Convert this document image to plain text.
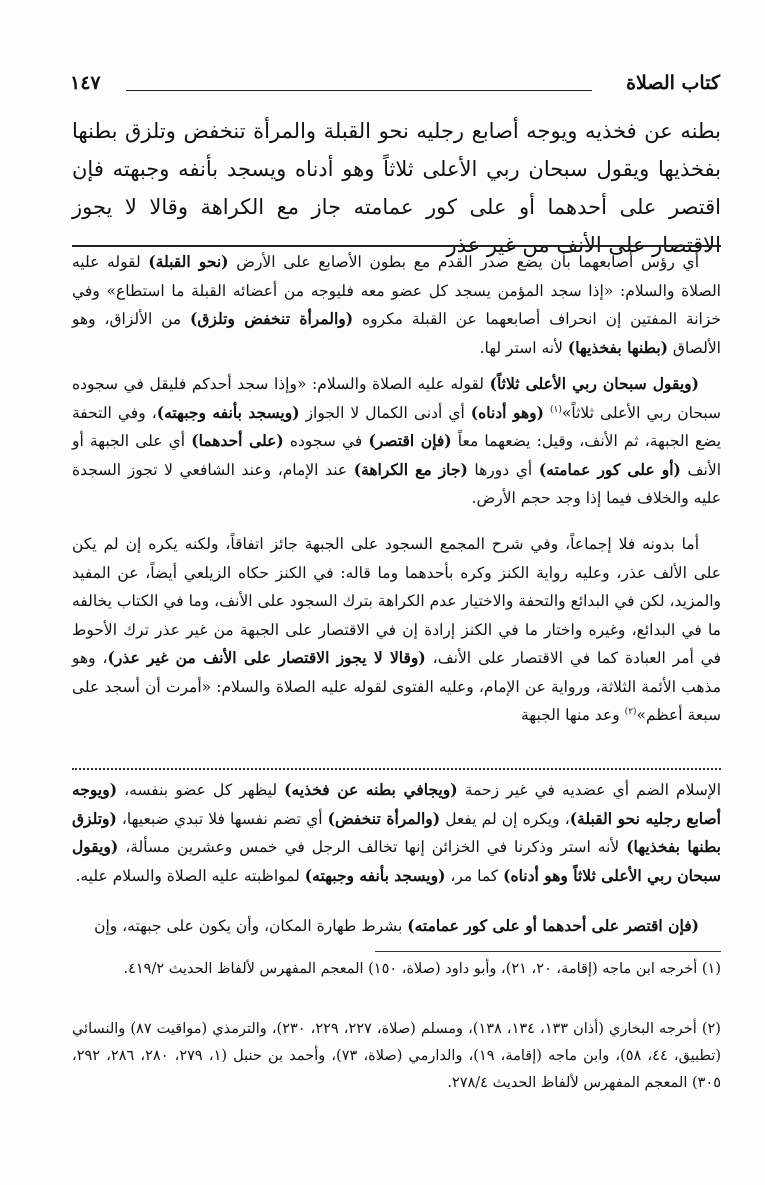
كتاب الصلاة
١٤٧
بطنه عن فخذيه ويوجه أصابع رجليه نحو القبلة والمرأة تنخفض وتلزق بطنها بفخذيها ويقول سبحان ربي الأعلى ثلاثاً وهو أدناه ويسجد بأنفه وجبهته فإن اقتصر على أحدهما أو على كور عمامته جاز مع الكراهة وقالا لا يجوز الاقتصار على الأنف من غير عذر

أي رؤس أصابعهما بأن يضع صدر القدم مع بطون الأصابع على الأرض (نحو القبلة) لقوله عليه الصلاة والسلام: «إذا سجد المؤمن يسجد كل عضو معه فليوجه من أعضائه القبلة ما استطاع» وفي خزانة المفتين إن انحراف أصابعهما عن القبلة مكروه (والمرأة تنخفض وتلزق) من الألزاق، وهو الألصاق (بطنها بفخذيها) لأنه استر لها.

(ويقول سبحان ربي الأعلى ثلاثاً) لقوله عليه الصلاة والسلام: «وإذا سجد أحدكم فليقل في سجوده سبحان ربي الأعلى ثلاثاً»$^{(١)}$ (وهو أدناه) أي أدنى الكمال لا الجواز (ويسجد بأنفه وجبهته)، وفي التحفة يضع الجبهة، ثم الأنف، وقيل: يضعهما معاً (فإن اقتصر) في سجوده (على أحدهما) أي على الجبهة أو الأنف (أو على كور عمامته) أي دورها (جاز مع الكراهة) عند الإمام، وعند الشافعي لا تجوز السجدة عليه والخلاف فيما إذا وجد حجم الأرض.

أما بدونه فلا إجماعاً، وفي شرح المجمع السجود على الجبهة جائز اتفاقاً، ولكنه يكره إن لم يكن على الألف عذر، وعليه رواية الكنز وكره بأحدهما وما قاله: في الكنز حكاه الزيلعي أيضاً، عن المفيد والمزيد، لكن في البدائع والتحفة والاختيار عدم الكراهة بترك السجود على الأنف، وما في الكتاب يخالفه ما في البدائع، وغيره واختار ما في الكنز إرادة إن في الاقتصار على الجبهة من غير عذر ترك الأحوط في أمر العبادة كما في الاقتصار على الأنف، (وقالا لا يجوز الاقتصار على الأنف من غير عذر)، وهو مذهب الأئمة الثلاثة، ورواية عن الإمام، وعليه الفتوى لقوله عليه الصلاة والسلام: «أمرت أن أسجد على سبعة أعظم»$^{(٢)}$ وعد منها الجبهة

الإسلام الضم أي عضديه في غير زحمة (ويجافي بطنه عن فخذيه) ليظهر كل عضو بنفسه، (ويوجه أصابع رجليه نحو القبلة)، ويكره إن لم يفعل (والمرأة تنخفض) أي تضم نفسها فلا تبدي ضبعيها، (وتلزق بطنها بفخذيها) لأنه استر وذكرنا في الخزائن إنها تخالف الرجل في خمس وعشرين مسألة، (ويقول سبحان ربي الأعلى ثلاثاً وهو أدناه) كما مر، (ويسجد بأنفه وجبهته) لمواظبته عليه الصلاة والسلام عليه.

(فإن اقتصر على أحدهما أو على كور عمامته) بشرط طهارة المكان، وأن يكون على جبهته، وإن

(١) أخرجه ابن ماجه (إقامة، ٢٠، ٢١)، وأبو داود (صلاة، ١٥٠) المعجم المفهرس لألفاظ الحديث ٤١٩/٢.
(٢) أخرجه البخاري (أذان ١٣٣، ١٣٤، ١٣٨)، ومسلم (صلاة، ٢٢٧، ٢٢٩، ٢٣٠)، والترمذي (مواقيت ٨٧) والنسائي (تطبيق، ٤٤، ٥٨)، وابن ماجه (إقامة، ١٩)، والدارمي (صلاة، ٧٣)، وأحمد بن حنبل (١، ٢٧٩، ٢٨٠، ٢٨٦، ٢٩٢، ٣٠٥) المعجم المفهرس لألفاظ الحديث ٢٧٨/٤.
